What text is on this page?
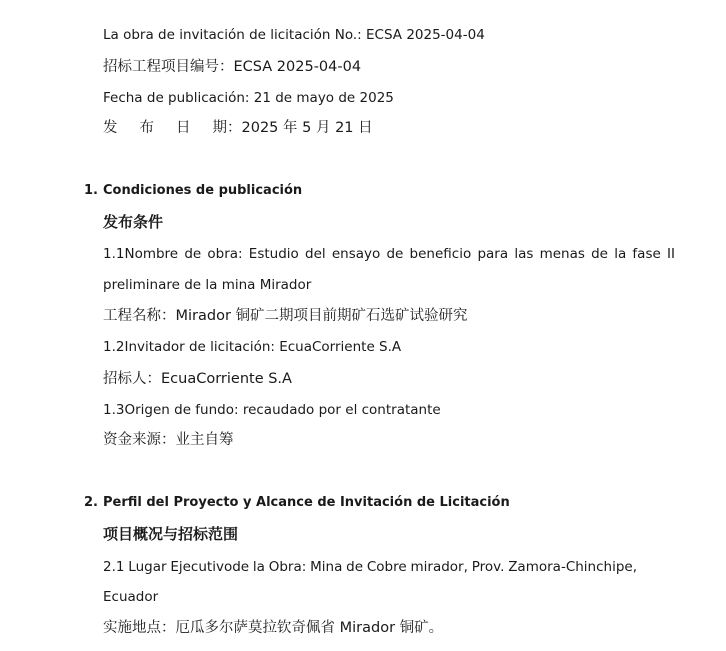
La obra de invitación de licitación No.: ECSA 2025-04-04
招标工程项目编号：ECSA 2025-04-04
Fecha de publicación: 21 de mayo de 2025
发 布 日 期：2025 年 5 月 21 日
1. Condiciones de publicación
发布条件
1.1Nombre de obra: Estudio del ensayo de beneficio para las menas de la fase II
preliminare de la mina Mirador
工程名称：Mirador 铜矿二期项目前期矿石选矿试验研究
1.2Invitador de licitación: EcuaCorriente S.A
招标人：EcuaCorriente S.A
1.3Origen de fundo: recaudado por el contratante
资金来源：业主自筹
2. Perfil del Proyecto y Alcance de Invitación de Licitación
项目概况与招标范围
2.1 Lugar Ejecutivode la Obra: Mina de Cobre mirador, Prov. Zamora-Chinchipe,
Ecuador
实施地点：厄瓜多尔萨莫拉钦奇佩省 Mirador 铜矿。
